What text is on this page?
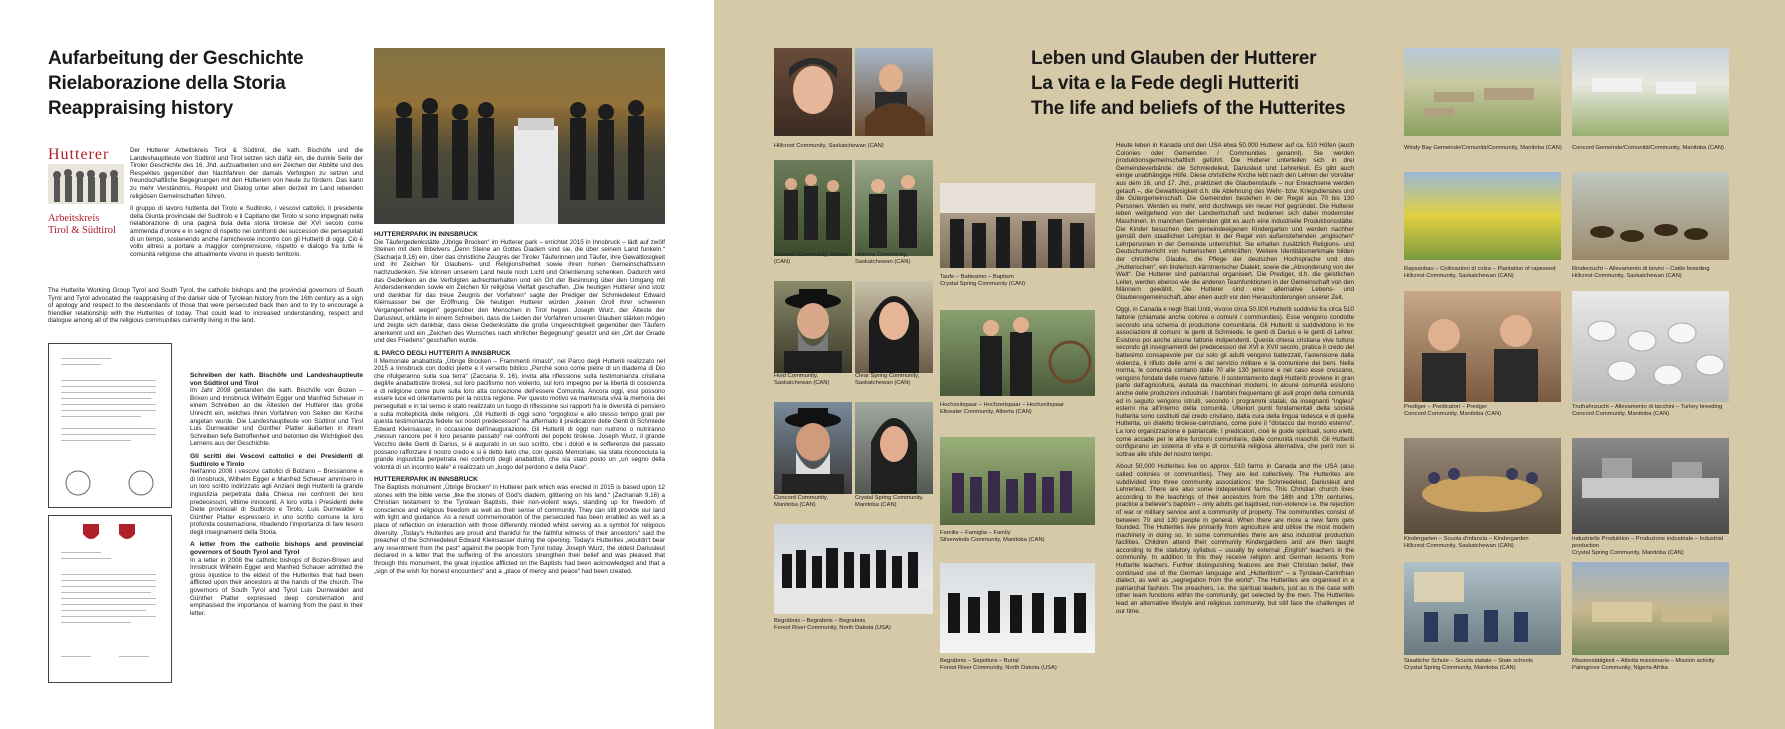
Aufarbeitung der Geschichte
Rielaborazione della Storia
Reappraising history
Hutterer
Arbeitskreis
Tirol & Südtirol

Der Hutterer Arbeitskreis Tirol & Südtirol, die kath. Bischöfe und die Landeshauptleute von Südtirol und Tirol setzen sich dafür ein, die dunkle Seite der Tiroler Geschichte des 16. Jhd. aufzuarbeiten und ein Zeichen der Abbitte und des Respektes gegenüber den Nachfahren der damals Verfolgten zu setzen und freundschaftliche Begegnungen mit den Hutterern von heute zu fördern. Das kann zu mehr Verständnis, Respekt und Dialog unter allen derzeit im Land lebenden religiösen Gemeinschaften führen.

Il gruppo di lavoro hutterita del Tirolo e Sudtirolo, i vescovi cattolici, il presidente della Giunta provinciale del Sudtirolo e il Capitano del Tirolo si sono impegnati nella rielaborazione di una pagina buia della storia tirolese del XVI secolo come ammenda d'onore e in segno di rispetto nei confronti dei successori dei perseguitati di un tempo, sostenendo anche l'amichevole incontro con gli Hutteriti di oggi. Ciò è volto altresì a portare a maggior comprensione, rispetto e dialogo fra tutte le comunità religiose che attualmente vivono in questo territorio.

The Hutterite Working Group Tyrol and South Tyrol, the catholic bishops and the provincial governors of South Tyrol and Tyrol advocated the reappraising of the darker side of Tyrolean history from the 16th century as a sign of apology and respect to the descendants of those that were persecuted back then and to try to encourage a friendlier relationship with the Hutterites of today. That could lead to increased understanding, respect and dialogue among all of the religious communities currently living in the land.

Schreiben der kath. Bischöfe und Landeshauptleute von Südtirol und Tirol

Im Jahr 2008 gestanden die kath. Bischöfe von Bozen – Brixen und Innsbruck Wilhelm Egger und Manfred Scheuer in einem Schreiben an die Ältesten der Hutterer das große Unrecht ein, welches ihren Vorfahren von Seiten der Kirche angetan wurde. Die Landeshauptleute von Südtirol und Tirol Luis Durnwalder und Günther Platter äußerten in ihrem Schreiben tiefe Betroffenheit und betonten die Wichtigkeit des Lernens aus der Geschichte.

Gli scritti dei Vescovi cattolici e dei Presidenti di Sudtirolo e Tirolo

Nell'anno 2008 i vescovi cattolici di Bolzano – Bressanone e di Innsbruck, Wilhelm Egger e Manfred Scheuer ammisero in un loro scritto indirizzato agli Anziani degli Hutteriti la grande ingiustizia perpetrata dalla Chiesa nei confronti dei loro predecessori, vittime innocenti. A loro volta i Presidenti delle Diete provinciali di Sudtirolo e Tirolo, Luis Durnwalder e Günther Platter espressero in uno scritto comune la loro profonda costernazione, ribadendo l'importanza di fare tesoro degli insegnamenti della Storia.

A letter from the catholic bishops and provincial governors of South Tyrol and Tyrol

In a letter in 2008 the catholic bishops of Bozen-Brixen and Innsbruck Wilhelm Egger and Manfred Schauer admitted the gross injustice to the eldest of the Hutterites that had been afflicted upon their ancestors at the hands of the church. The governors of South Tyrol and Tyrol Luis Durnwalder and Günther Platter expressed deep consternation and emphasised the importance of learning from the past in their letter.

HUTTERERPARK IN INNSBRUCK

Die Täufergedenkstätte „Übrige Brocken“ im Hutterer park – errichtet 2015 in Innsbruck – lädt auf zwölf Steinen mit dem Bibelvers „Denn Steine an Gottes Diadem sind sie, die über seinem Land funkeln.“ (Sacharja 9,16) ein, über das christliche Zeugnis der Tiroler Täuferinnen und Täufer, ihre Gewaltlosigkeit und ihr Zeichen für Glaubens- und Religionsfreiheit sowie ihren hohen Gemeinschaftssinn nachzudenken. Sie können unserem Land heute noch Licht und Orientierung schenken. Dadurch wird das Gedenken an die Verfolgten aufrechterhalten und ein Ort der Besinnung über den Umgang mit Andersdenkenden sowie ein Zeichen für religiöse Vielfalt geschaffen. „Die heutigen Hutterer sind stolz und dankbar für das treue Zeugnis der Vorfahren“ sagte der Prediger der Schmiedeleut Edward Kleinsasser bei der Eröffnung. Die heutigen Hutterer würden „keinen Groll ihrer schweren Vergangenheit wegen“ gegenüber den Menschen in Tirol hegen. Joseph Wurz, der Älteste der Dariusleut, erklärte in einem Schreiben, dass die Leiden der Vorfahren unseren Glauben stärken mögen und zeigte sich dankbar, dass diese Gedenkstätte die große Ungerechtigkeit gegenüber den Täufern anerkennt und ein „Zeichen des Wunsches nach ehrlicher Begegnung“ gesetzt und ein „Ort der Gnade und des Friedens“ geschaffen wurde.

IL PARCO DEGLI HUTTERITI A INNSBRUCK

Il Memoriale anabattista „Übrige Brocken – Frammenti rimasti“, nel Parco degli Hutteriti realizzato nel 2015 a Innsbruck con dodici pietre e il versetto biblico „Perché sono come pietre di un diadema di Dio che rifulgeranno sulla sua terra“ (Zaccaria 9, 16), invita alla riflessione sulla testimonianza cristiana degli/le anabattisti/e tirolesi, sul loro pacifismo non violento, sul loro impegno per la libertà di coscienza e di religione come pure sulla loro alta concezione dell'essere Comunità. Ancora oggi, essi possono essere luce ed orientamento per la nostra regione. Per questo motivo va mantenuta viva la memoria dei perseguitati e in tal senso è stato realizzato un luogo di riflessione sui rapporti fra le diversità di pensiero e sulla molteplicità delle religioni. „Gli Hutteriti di oggi sono “orgogliosi e allo stesso tempo grati per questa testimonianza fedele sui nostri predecessori” ha affermato il predicatore delle Genti di Schmiede Edward Kleinsasser, in occasione dell'inaugurazione. Gli Hutteriti di oggi non nutrono o nutriranno „nessun rancore per il loro pesante passato“ nei confronti del popolo tirolese. Joseph Wurz, il grande Vecchio delle Genti di Darius, si è augurato in un suo scritto, che i dolori e le sofferenze del passato possano rafforzare il nostro credo e si è detto lieto che, con questo Memoriale, sia stata riconosciuta la grande ingiustizia perpetrata nei confronti degli anabattisti, che sia stato posto un „un segno della volontà di un incontro leale“ e realizzato un „luogo del perdono e della Pace“.

HUTTERERPARK IN INNSBRUCK

The Baptists monument „Übrige Brocken“ in Hutterer park which was erected in 2015 is based upon 12 stones with the bible verse „like the stones of God's diadem, glittering on his land.“ (Zechariah 9,16) a Christian testament to the Tyrolean Baptists, their non-violent ways, standing up for freedom of conscience and religious freedom as well as their sense of community. They can still provide our land with light and guidance. As a result commemoration of the persecuted has been enabled as well as a place of reflection on interaction with those differently minded whilst serving as a symbol for religious diversity. „Today's Hutterites are proud and thankful for the faithful witness of their ancestors“ said the preacher of the Schmiedeleut Edward Kleinsasser during the opening. Today's Hutterites „wouldn't bear any resentment from the past“ against the people from Tyrol today. Joseph Wurz, the oldest Dariusleut declared in a letter that the suffering of the ancestors strengthen their belief and was pleased that through this monument, the great injustice afflicted on the Baptists had been acknowledged and that a „sign of the wish for honest encounters“ and a „place of mercy and peace“ had been created.

Hillcrest Community, Saskatchewan (CAN)
Elkwater Community, Alberta (CAN)
Hillcrest Community, Saskatchewan (CAN)
Hold Community, Saskatchewan (CAN)
Clear Spring Community, Saskatchewan (CAN)
Concord Community, Manitoba (CAN)
Crystal Spring Community, Manitoba (CAN)
Begräbnis – Begrabnis – Begrabnis
Forest River Community, North Dakota (USA)
Taufe – Battesimo – Baptism
Crystal Spring Community (CAN)
Hochzeitspaar – Hochzeitspaar – Hochzeitspaar
Elkwater Community, Alberta (CAN)
Familie – Famiglia – Family
Silverwinds Community, Manitoba (CAN)
Begräbnis – Sepoltura – Burial
Forest River Community, North Dakota (USA)
Leben und Glauben der Hutterer
La vita e la Fede degli Hutteriti
The life and beliefs of the Hutterites

Heute leben in Kanada und den USA etwa 50.000 Hutterer auf ca. 510 Höfen (auch Colonies oder Gemeinden / Communities genannt). Sie werden produktionsgemeinschaftlich geführt. Die Hutterer unterteilen sich in drei Gemeindeverbände: die Schmiedeleut, Dariusleut und Lehrerleut. Es gibt auch einige unabhängige Höfe. Diese christliche Kirche lebt nach den Lehren der Vorväter aus dem 16. und 17. Jhd., praktiziert die Glaubenstaufe – nur Erwachsene werden getauft –, die Gewaltlosigkeit d.h. die Ablehnung des Wehr- bzw. Kriegsdienstes und die Gütergemeinschaft. Die Gemeinden bestehen in der Regel aus 70 bis 130 Personen. Werden es mehr, wird durchwegs ein neuer Hof gegründet. Die Hutterer leben weitgehend von der Landwirtschaft und bedienen sich dabei modernster Maschinen. In manchen Gemeinden gibt es auch eine industrielle Produktionsstätte. Die Kinder besuchen den gemeindeeigenen Kindergarten und werden nachher gemäß dem staatlichen Lehrplan in der Regel von außenstehenden „englischen“ Lehrpersonen in der Gemeinde unterrichtet. Sie erhalten zusätzlich Religions- und Deutschunterricht von hutterischen Lehrkräften. Weitere Identitätsmerkmale bilden der christliche Glaube, die Pflege der deutschen Hochsprache und des „Hutterischen“, ein tirolerisch-kärntnerischer Dialekt, sowie die „Absonderung von der Welt“. Die Hutterer sind patriarchal organisiert. Die Prediger, d.h. die geistlichen Leiter, werden ebenso wie die anderen Teamfunktionen in der Gemeinschaft von den Männern gewählt. Die Hutterer sind eine alternative Lebens- und Glaubensgemeinschaft, aber eben auch vor den Herausforderungen unserer Zeit.

Oggi, in Canada e negli Stati Uniti, vivono circa 50.000 Hutteriti suddivisi fra circa 510 fattorie (chiamate anche colonie o comuni / communities). Esse vengono condotte secondo una schema di produzione comunitaria. Gli Hutteriti si suddividono in tre associazioni di comuni: le genti di Schmiede, le genti di Darius e le genti di Lehrer. Esistono poi anche alcune fattorie indipendenti. Questa chiesa cristiana vive tuttora secondo gli insegnamenti dei predecessori del XVI e XVII secolo, pratica il credo del battesimo consapevole per cui solo gli adulti vengono battezzati, l'astensione dalla violenza, il rifiuto delle armi e del servizio militare e la comunione dei beni. Nella norma, le comunità contano dalle 70 alle 130 persone e nel caso esse crescano, vengono fondate delle nuove fattorie. Il sostentamento degli Hutteriti proviene in gran parte dall'agricoltura, aiutata da macchinari moderni. In alcune comunità esistono anche delle produzioni industriali. I bambini frequentano gli asili propri della comunità ed in seguito vengono istruiti, secondo i programmi statali, da insegnanti “inglesi” esterni ma all'interno della comunità. Ulteriori punti fondamentali della società hutterita sono costituiti dal credo cristiano, dalla cura della lingua tedesca e di quella Hutterita, un dialetto tirolese-carinziano, come pure il “distacco dal mondo esterno”. La loro organizzazione è patriarcale. I predicatori, cioè le guide spirituali, sono eletti, come accade per le altre funzioni comunitarie, dalle comunità maschili. Gli Hutteriti configurano un sistema di vita e di comunità religiosa alternativa, che però non si sottrae alle sfide del nostro tempo.

About 50,000 Hutterites live on approx. 510 farms in Canada and the USA (also called colonies or communities). They are led collectively. The Hutterites are subdivided into three community associations: the Schmiedeleut, Dariusleut and Lehrerleut. There are also some independent farms. This Christian church lives according to the teachings of their ancestors from the 16th and 17th centuries, practice a believer's baptism – only adults get baptised, non-violence i.e. the rejection of war or military service and a community of property. The communities consist of between 70 and 130 people in general. When there are more a new farm gets founded. The Hutterites live primarily from agriculture and utilise the most modern machinery in doing so. In some communities there are also industrial production facilities. Children attend their community Kindergardens and are then taught according to the statutory syllabus – usually by external „English“ teachers in the community. In addition to this they receive religion and German lessons from Hutterite teachers. Further distinguishing features are their Christian belief, their continued use of the German language and „Hutteritism“ – a Tyrolean-Carinthian dialect, as well as „segregation from the world“. The Hutterites are organised in a patriarchal fashion. The preachers, i.e. the spiritual leaders, just as is the case with other team functions within the community, get selected by the men. The Hutterites lead an alternative lifestyle and religious community, but still face the challenges of our time.

Windy Bay Gemeinde/Comunità/Community, Manitoba (CAN)
Rapsanbau – Coltivazioni di colza – Plantation of rapeseed
Hillcrest Community, Saskatchewan (CAN)
Prediger – Predicatori – Predger
Concord Community, Manitoba (CAN)
Kindergarten – Scuola d'infanzia – Kindergarden
Hillcrest Community, Saskatchewan (CAN)
Staatliche Schule – Scuola statale – State schools
Crystal Spring Community, Manitoba (CAN)
Concord Gemeinde/Comunità/Community, Manitoba (CAN)
Rinderzucht – Allevamento di bovini – Cattle breeding
Hillcrest Community, Saskatchewan (CAN)
Truthahnzucht – Allevamento di tacchini – Turkey breeding
Concord Community, Manitoba (CAN)
Industrielle Produktion – Produzione industriale – Industrial production
Crystal Spring Community, Manitoba (CAN)
Missionstätigkeit – Attività missionaria – Mission activity
Palmgrove Community, Nigeria Afrika
